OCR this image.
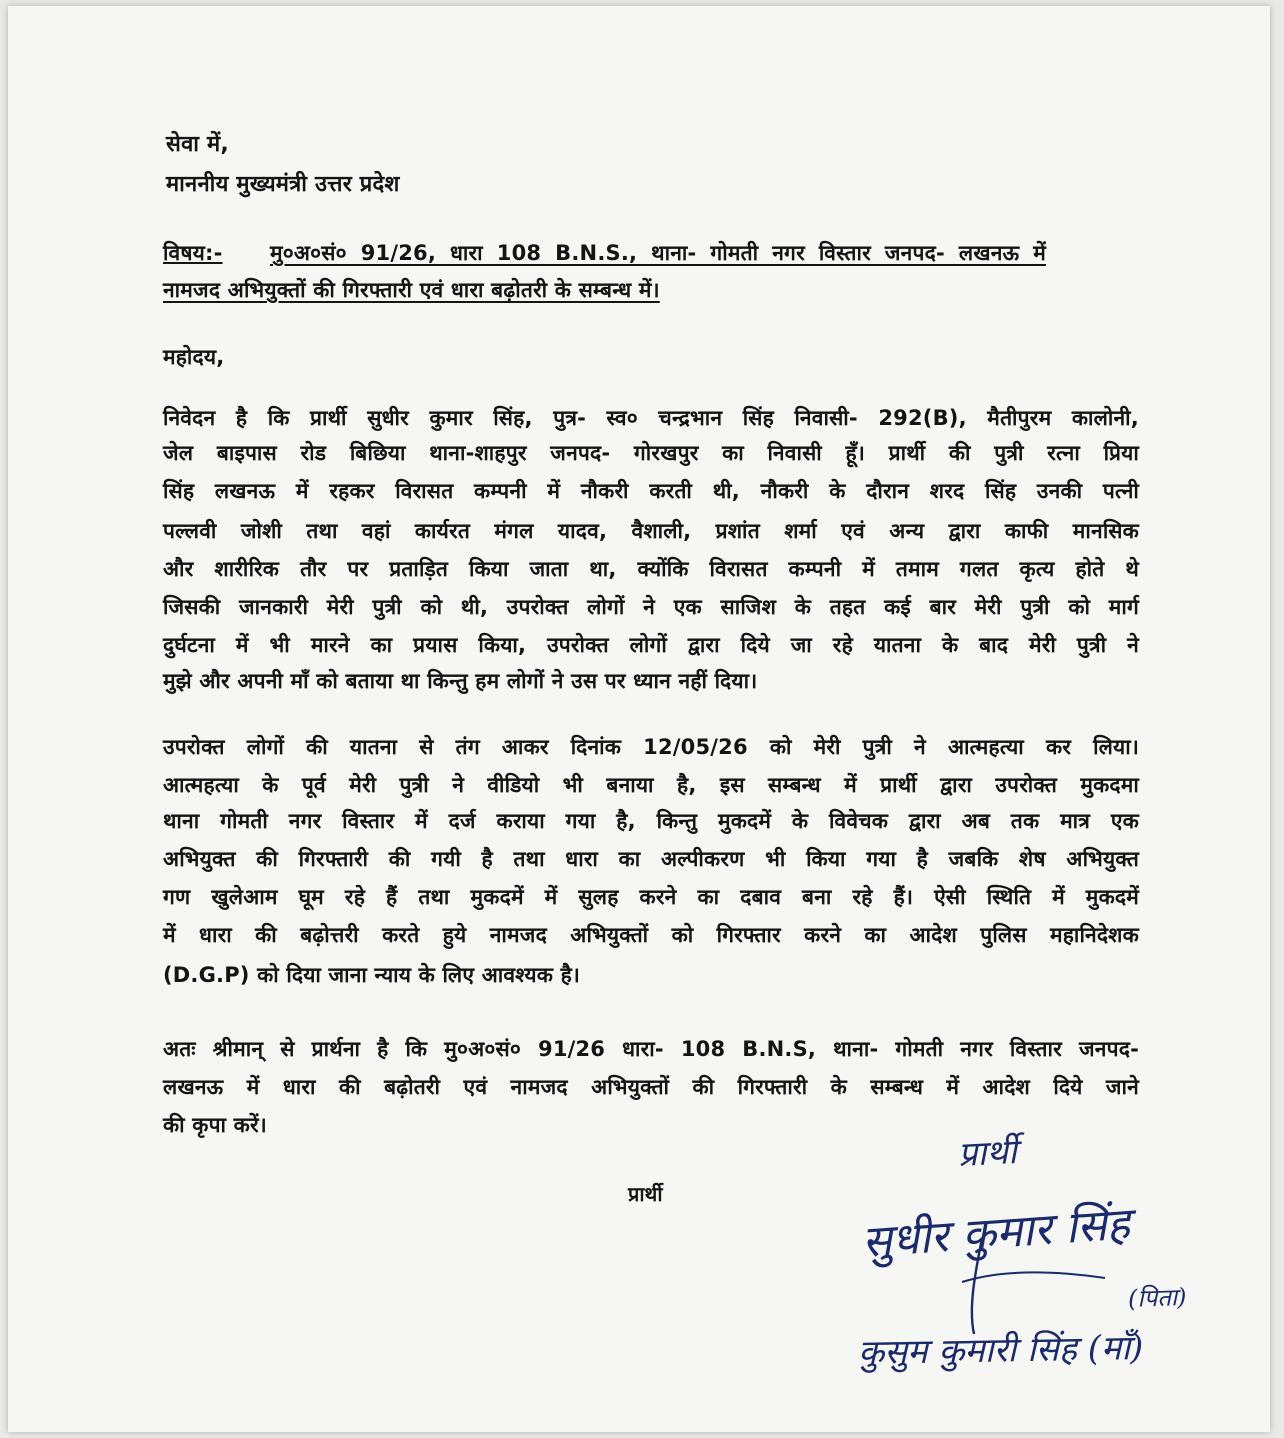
सेवा में,
माननीय मुख्यमंत्री उत्तर प्रदेश
विषय:- मु०अ०सं० 91/26, धारा 108 B.N.S., थाना- गोमती नगर विस्तार जनपद- लखनऊ में
नामजद अभियुक्तों की गिरफ्तारी एवं धारा बढ़ोतरी के सम्बन्ध में।
महोदय,
निवेदन है कि प्रार्थी सुधीर कुमार सिंह, पुत्र- स्व० चन्द्रभान सिंह निवासी- 292(B), मैतीपुरम कालोनी,
जेल बाइपास रोड बिछिया थाना-शाहपुर जनपद- गोरखपुर का निवासी हूँ। प्रार्थी की पुत्री रत्ना प्रिया
सिंह लखनऊ में रहकर विरासत कम्पनी में नौकरी करती थी, नौकरी के दौरान शरद सिंह उनकी पत्नी
पल्लवी जोशी तथा वहां कार्यरत मंगल यादव, वैशाली, प्रशांत शर्मा एवं अन्य द्वारा काफी मानसिक
और शारीरिक तौर पर प्रताड़ित किया जाता था, क्योंकि विरासत कम्पनी में तमाम गलत कृत्य होते थे
जिसकी जानकारी मेरी पुत्री को थी, उपरोक्त लोगों ने एक साजिश के तहत कई बार मेरी पुत्री को मार्ग
दुर्घटना में भी मारने का प्रयास किया, उपरोक्त लोगों द्वारा दिये जा रहे यातना के बाद मेरी पुत्री ने
मुझे और अपनी माँ को बताया था किन्तु हम लोगों ने उस पर ध्यान नहीं दिया।
उपरोक्त लोगों की यातना से तंग आकर दिनांक 12/05/26 को मेरी पुत्री ने आत्महत्या कर लिया।
आत्महत्या के पूर्व मेरी पुत्री ने वीडियो भी बनाया है, इस सम्बन्ध में प्रार्थी द्वारा उपरोक्त मुकदमा
थाना गोमती नगर विस्तार में दर्ज कराया गया है, किन्तु मुकदमें के विवेचक द्वारा अब तक मात्र एक
अभियुक्त की गिरफ्तारी की गयी है तथा धारा का अल्पीकरण भी किया गया है जबकि शेष अभियुक्त
गण खुलेआम घूम रहे हैं तथा मुकदमें में सुलह करने का दबाव बना रहे हैं। ऐसी स्थिति में मुकदमें
में धारा की बढ़ोत्तरी करते हुये नामजद अभियुक्तों को गिरफ्तार करने का आदेश पुलिस महानिदेशक
(D.G.P) को दिया जाना न्याय के लिए आवश्यक है।
अतः श्रीमान् से प्रार्थना है कि मु०अ०सं० 91/26 धारा- 108 B.N.S, थाना- गोमती नगर विस्तार जनपद-
लखनऊ में धारा की बढ़ोतरी एवं नामजद अभियुक्तों की गिरफ्तारी के सम्बन्ध में आदेश दिये जाने
की कृपा करें।
प्रार्थी
प्रार्थी
सुधीर कुमार सिंह
(पिता)
कुसुम कुमारी सिंह (माँ)
